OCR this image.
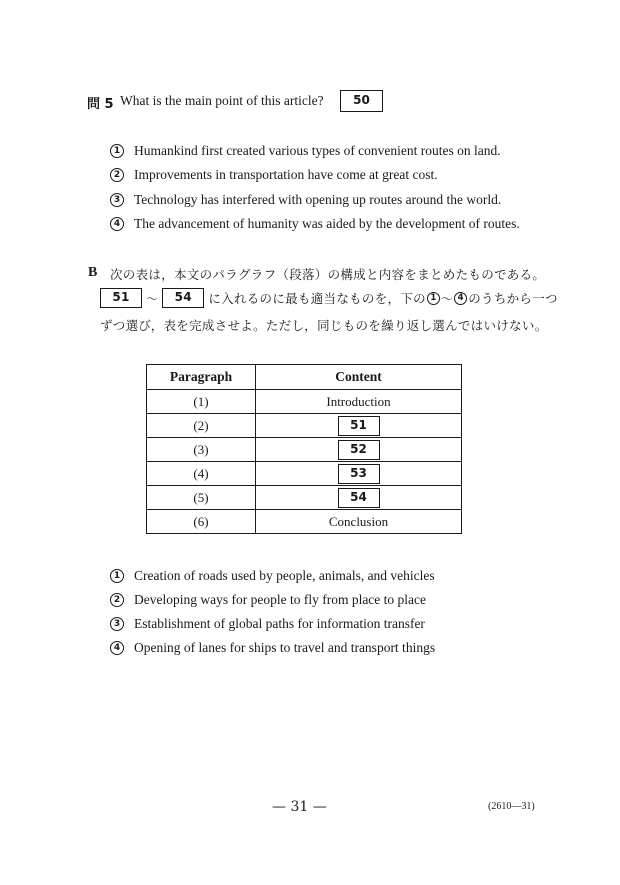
問 5 What is the main point of this article?	50
1 Humankind first created various types of convenient routes on land.
2 Improvements in transportation have come at great cost.
3 Technology has interfered with opening up routes around the world.
4 The advancement of humanity was aided by the development of routes.
B 次の表は，本文のパラグラフ（段落）の構成と内容をまとめたものである。
51	～	54	に入れるのに最も適当なものを，下の 1 ～ 4 のうちから一つ
ずつ選び，表を完成させよ。ただし，同じものを繰り返し選んではいけない。
Paragraph	Content
(1)	Introduction
(2)	51
(3)	52
(4)	53
(5)	54
(6)	Conclusion
1 Creation of roads used by people, animals, and vehicles
2 Developing ways for people to fly from place to place
3 Establishment of global paths for information transfer
4 Opening of lanes for ships to travel and transport things
— 31 —	(2610—31)
